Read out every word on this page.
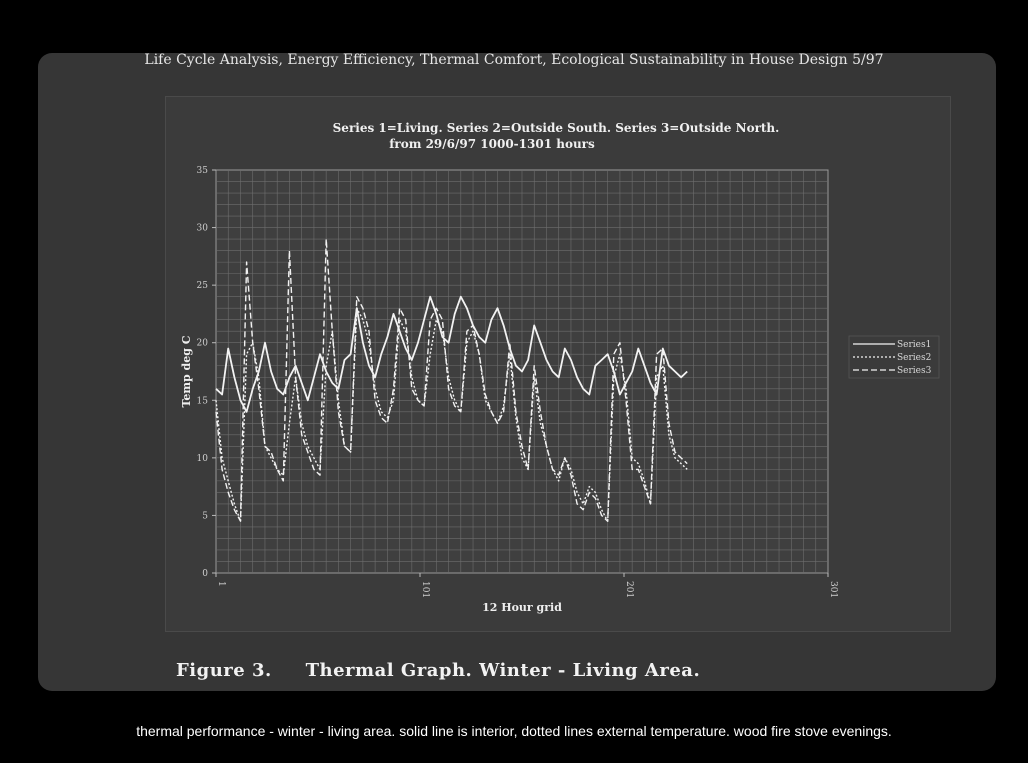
Life Cycle Analysis, Energy Efficiency, Thermal Comfort, Ecological Sustainability in House Design 5/97
0
5
10
15
20
25
30
35
1	101	201	301
Series 1=Living. Series 2=Outside South. Series 3=Outside North.
from 29/6/97 1000-1301 hours
12 Hour grid
Temp deg C	Series1
Series2
Series3
Figure 3.     Thermal Graph. Winter - Living Area.
thermal performance - winter - living area. solid line is interior, dotted lines external temperature. wood fire stove evenings.
